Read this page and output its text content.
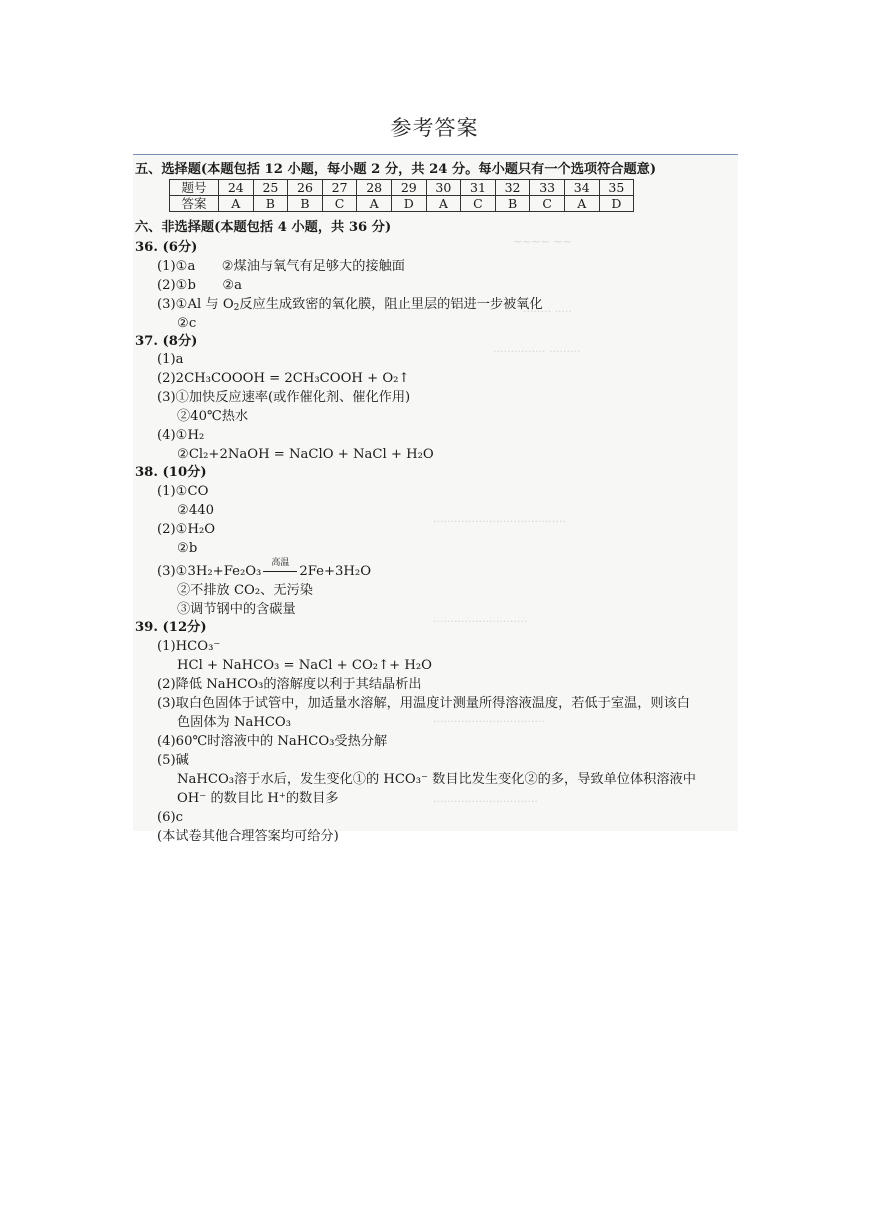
参考答案
~~~~ ~~
········ ·····
··············· ·········
······································
···························
································
······························
五、选择题(本题包括 12 小题，每小题 2 分，共 24 分。每小题只有一个选项符合题意)
题号	24	25	26	27	28	29	30	31	32	33	34	35
答案	A	B	B	C	A	D	A	C	B	C	A	D
六、非选择题(本题包括 4 小题，共 36 分)
36. (6分)
(1)①a　　②煤油与氧气有足够大的接触面
(2)①b　　②a
(3)①Al 与 $O_2$反应生成致密的氧化膜，阻止里层的铝进一步被氧化
②c
37. (8分)
(1)a
(2)2CH₃COOOH = 2CH₃COOH + O₂↑
(3)①加快反应速率(或作催化剂、催化作用)
②40℃热水
(4)①H₂
②Cl₂+2NaOH = NaClO + NaCl + H₂O
38. (10分)
(1)①CO
②440
(2)①H₂O
②b
(3)①3H₂+Fe₂O₃
高温
2Fe+3H₂O
②不排放 CO₂、无污染
③调节钢中的含碳量
39. (12分)
(1)HCO₃⁻
HCl + NaHCO₃ = NaCl + CO₂↑+ H₂O
(2)降低 NaHCO₃的溶解度以利于其结晶析出
(3)取白色固体于试管中，加适量水溶解，用温度计测量所得溶液温度，若低于室温，则该白
色固体为 NaHCO₃
(4)60℃时溶液中的 NaHCO₃受热分解
(5)碱
NaHCO₃溶于水后，发生变化①的 HCO₃⁻ 数目比发生变化②的多，导致单位体积溶液中
OH⁻ 的数目比 H⁺的数目多
(6)c
(本试卷其他合理答案均可给分)
